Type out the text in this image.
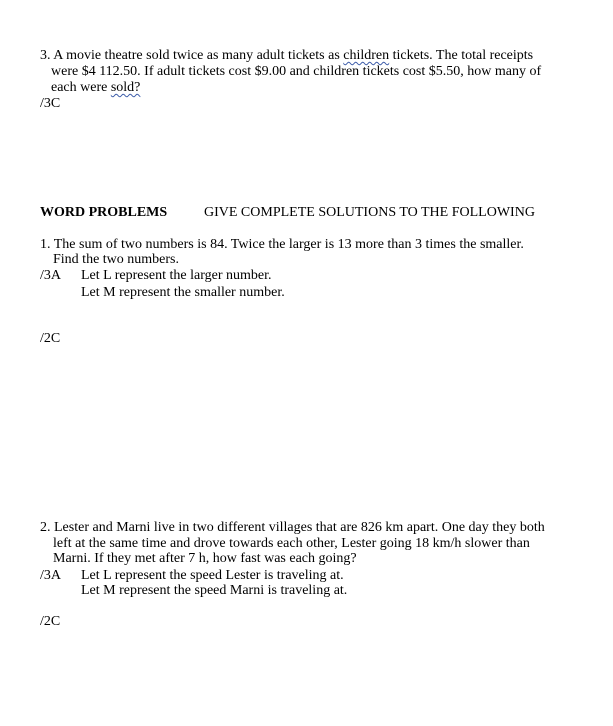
3. A movie theatre sold twice as many adult tickets as children tickets. The total receipts
were $4 112.50. If adult tickets cost $9.00 and children tickets cost $5.50, how many of
each were sold?
/3C
WORD PROBLEMS	GIVE COMPLETE SOLUTIONS TO THE FOLLOWING
1. The sum of two numbers is 84. Twice the larger is 13 more than 3 times the smaller.
Find the two numbers.
/3A Let L represent the larger number.
Let M represent the smaller number.
/2C
2. Lester and Marni live in two different villages that are 826 km apart. One day they both
left at the same time and drove towards each other, Lester going 18 km/h slower than
Marni. If they met after 7 h, how fast was each going?
/3A Let L represent the speed Lester is traveling at.
Let M represent the speed Marni is traveling at.
/2C
